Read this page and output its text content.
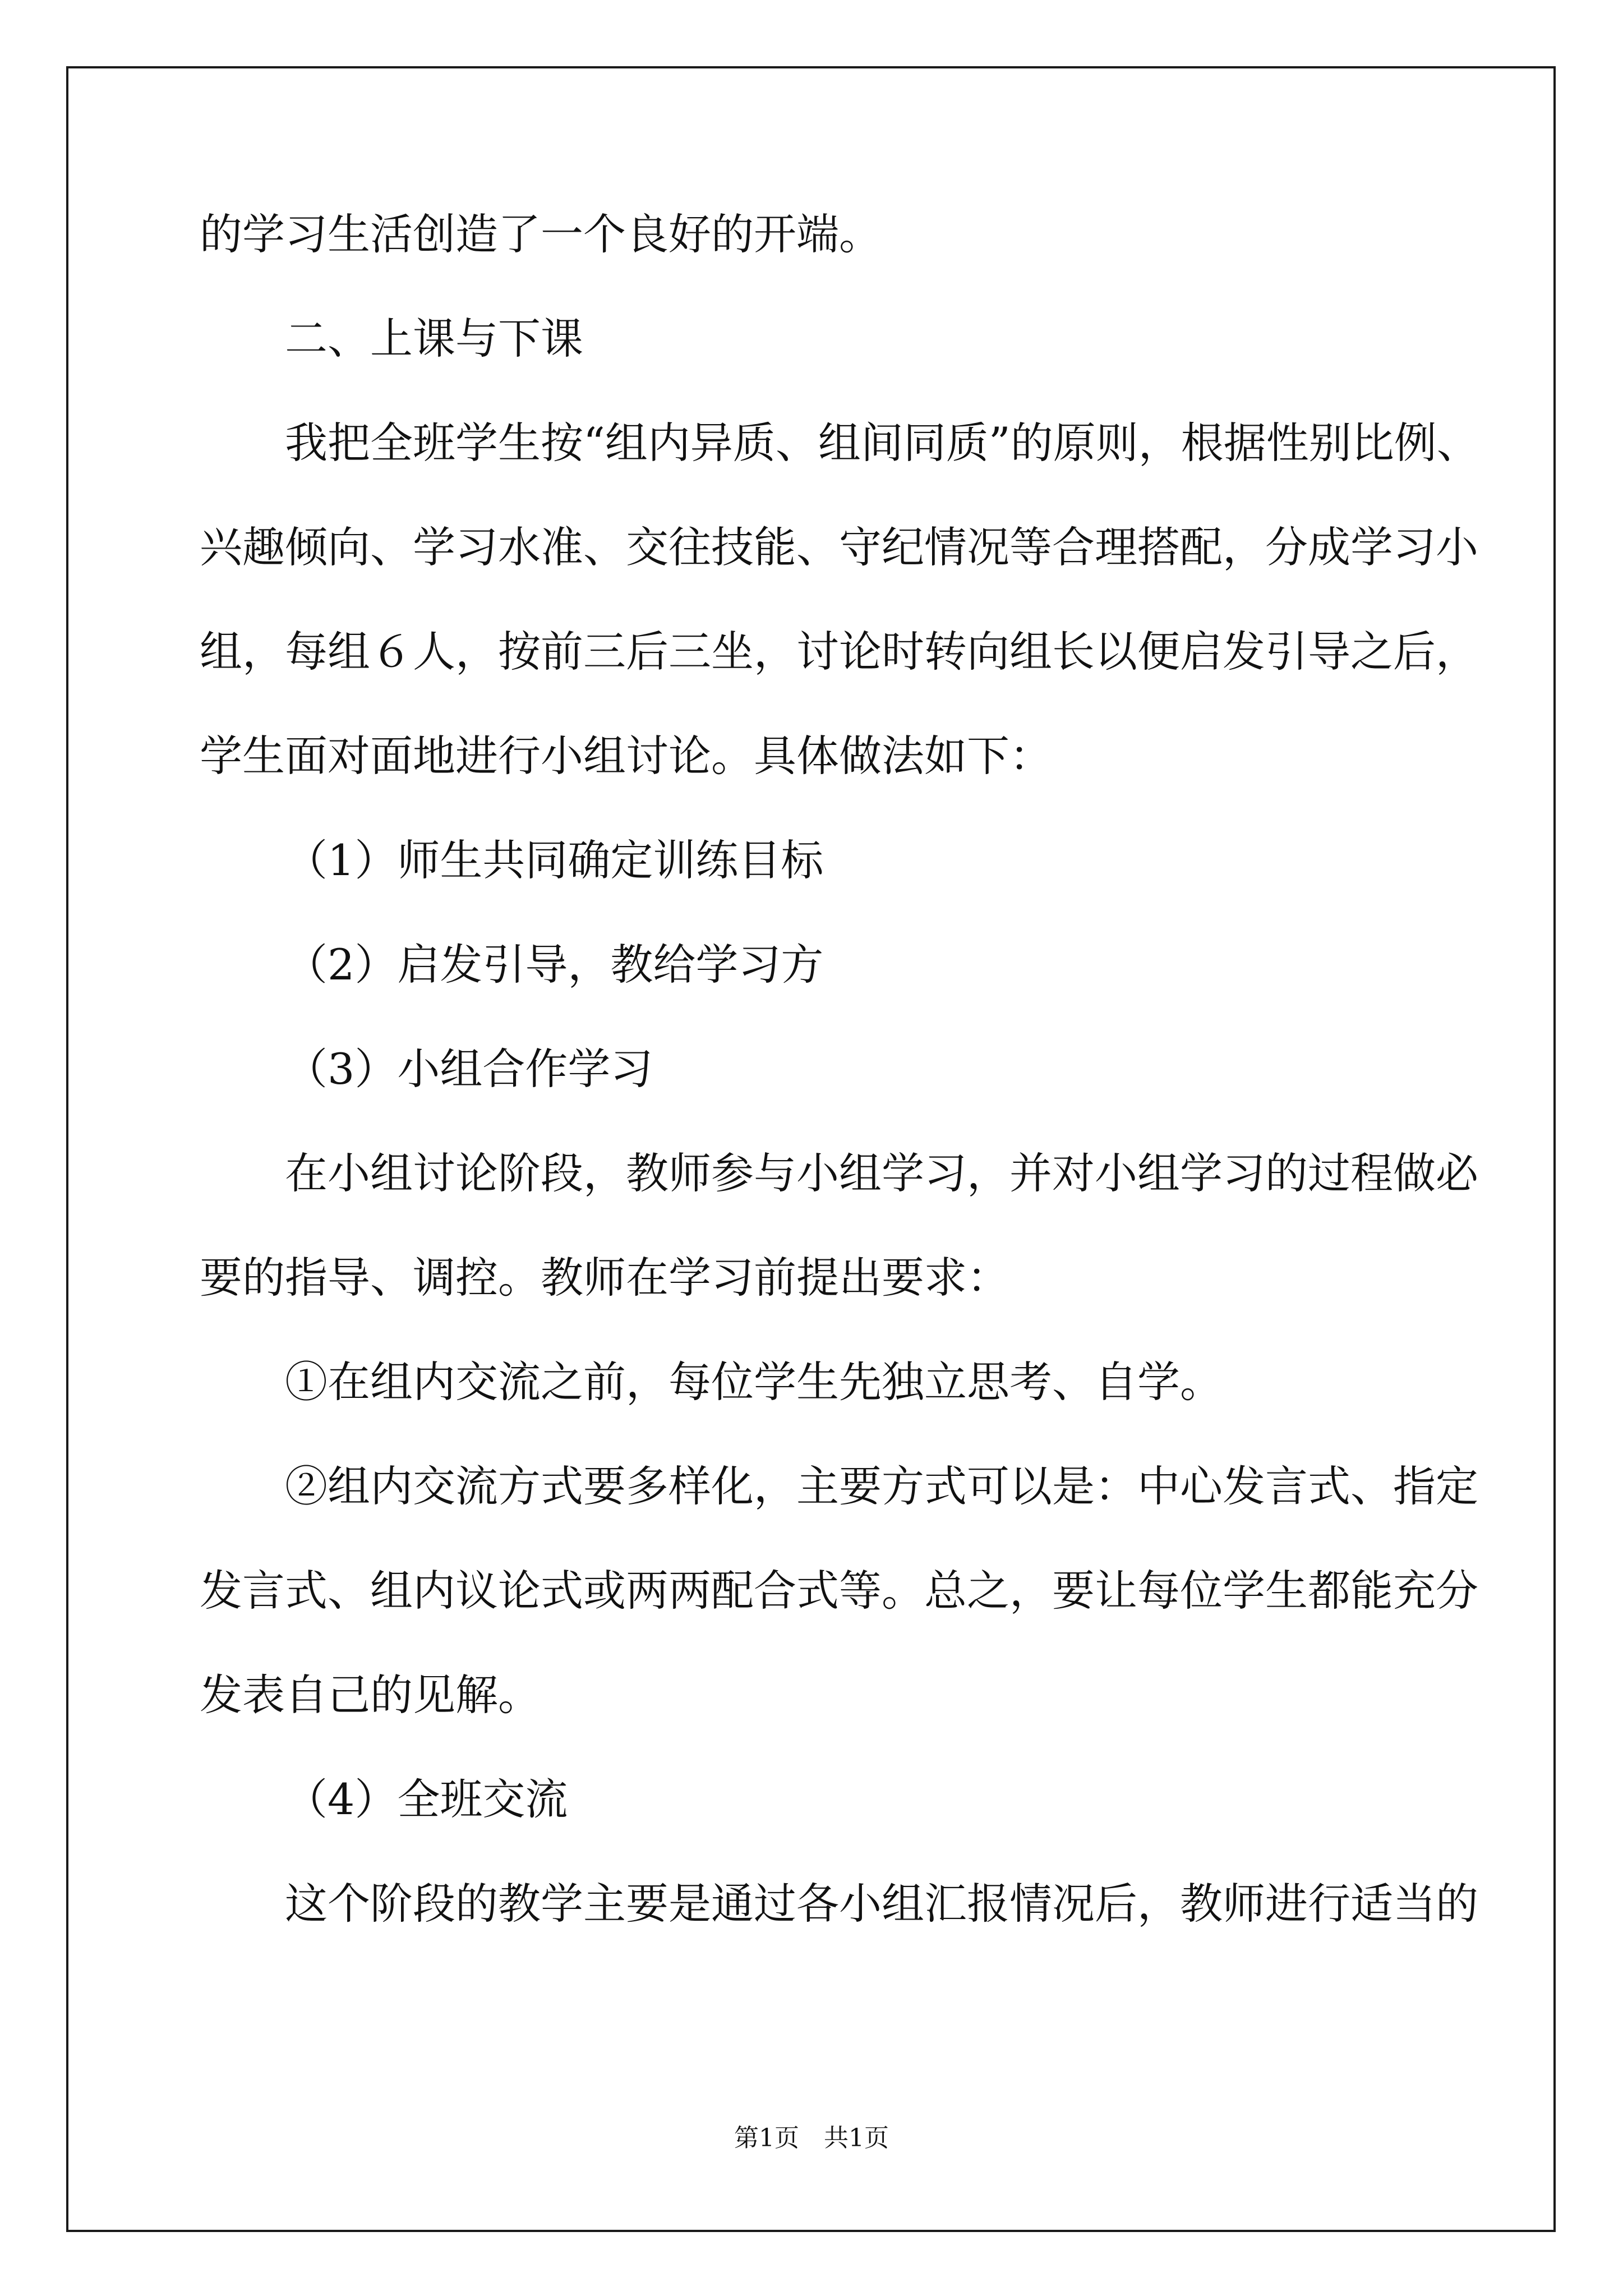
的学习生活创造了一个良好的开端。
二、上课与下课
我把全班学生按“组内异质、组间同质”的原则，根据性别比例、
兴趣倾向、学习水准、交往技能、守纪情况等合理搭配，分成学习小
组，每组６人，按前三后三坐，讨论时转向组长以便启发引导之后，
学生面对面地进行小组讨论。具体做法如下：
（1）师生共同确定训练目标
（2）启发引导，教给学习方
（3）小组合作学习
在小组讨论阶段，教师参与小组学习，并对小组学习的过程做必
要的指导、调控。教师在学习前提出要求：
①在组内交流之前，每位学生先独立思考、自学。
②组内交流方式要多样化，主要方式可以是：中心发言式、指定
发言式、组内议论式或两两配合式等。总之，要让每位学生都能充分
发表自己的见解。
（4）全班交流
这个阶段的教学主要是通过各小组汇报情况后，教师进行适当的
第1页　共1页
